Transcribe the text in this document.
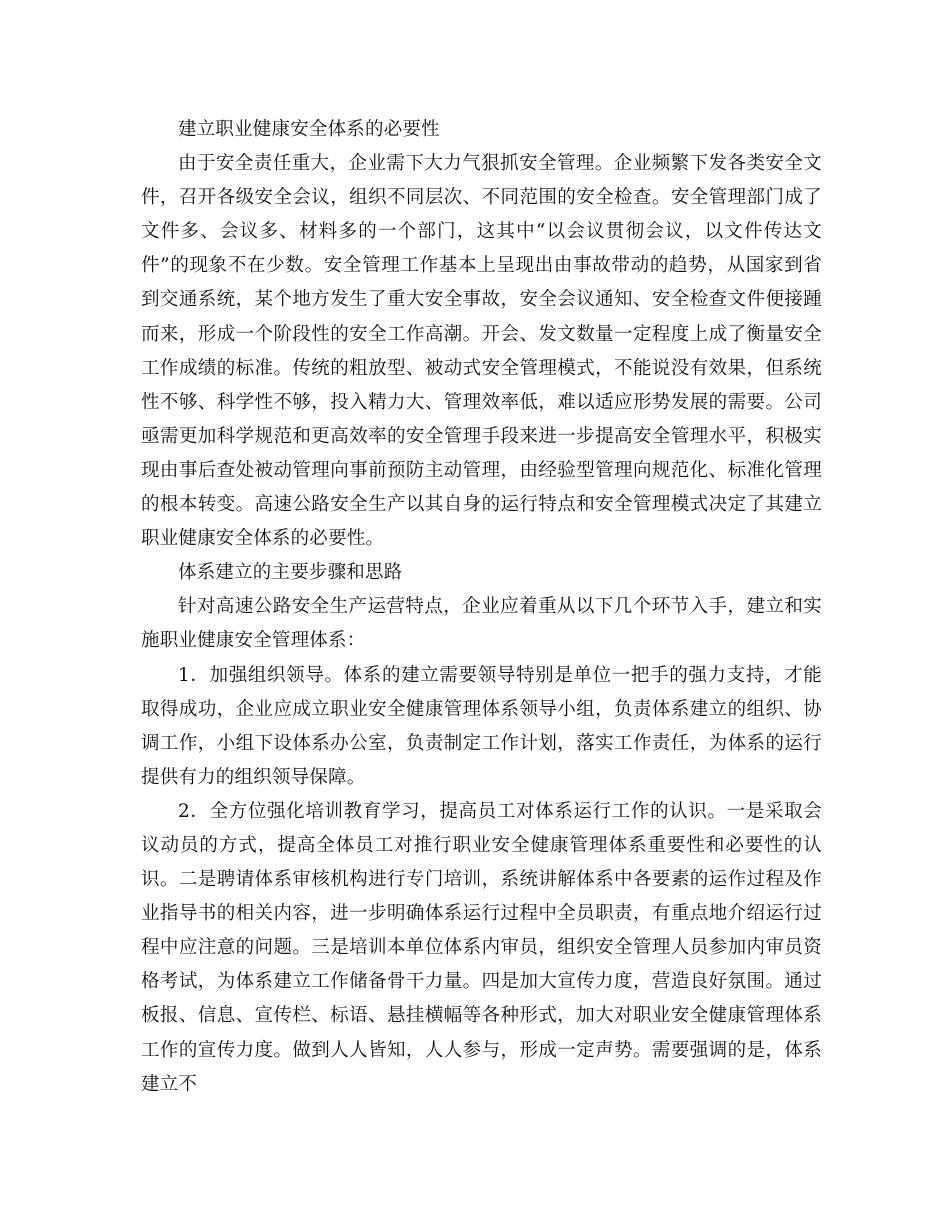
建立职业健康安全体系的必要性

由于安全责任重大，企业需下大力气狠抓安全管理。企业频繁下发各类安全文件，召开各级安全会议，组织不同层次、不同范围的安全检查。安全管理部门成了文件多、会议多、材料多的一个部门，这其中“以会议贯彻会议，以文件传达文件”的现象不在少数。安全管理工作基本上呈现出由事故带动的趋势，从国家到省到交通系统，某个地方发生了重大安全事故，安全会议通知、安全检查文件便接踵而来，形成一个阶段性的安全工作高潮。开会、发文数量一定程度上成了衡量安全工作成绩的标准。传统的粗放型、被动式安全管理模式，不能说没有效果，但系统性不够、科学性不够，投入精力大、管理效率低，难以适应形势发展的需要。公司亟需更加科学规范和更高效率的安全管理手段来进一步提高安全管理水平，积极实现由事后查处被动管理向事前预防主动管理，由经验型管理向规范化、标准化管理的根本转变。高速公路安全生产以其自身的运行特点和安全管理模式决定了其建立职业健康安全体系的必要性。

体系建立的主要步骤和思路

针对高速公路安全生产运营特点，企业应着重从以下几个环节入手，建立和实施职业健康安全管理体系：

1．加强组织领导。体系的建立需要领导特别是单位一把手的强力支持，才能取得成功，企业应成立职业安全健康管理体系领导小组，负责体系建立的组织、协调工作，小组下设体系办公室，负责制定工作计划，落实工作责任，为体系的运行提供有力的组织领导保障。

2．全方位强化培训教育学习，提高员工对体系运行工作的认识。一是采取会议动员的方式，提高全体员工对推行职业安全健康管理体系重要性和必要性的认识。二是聘请体系审核机构进行专门培训，系统讲解体系中各要素的运作过程及作业指导书的相关内容，进一步明确体系运行过程中全员职责，有重点地介绍运行过程中应注意的问题。三是培训本单位体系内审员，组织安全管理人员参加内审员资格考试，为体系建立工作储备骨干力量。四是加大宣传力度，营造良好氛围。通过板报、信息、宣传栏、标语、悬挂横幅等各种形式，加大对职业安全健康管理体系工作的宣传力度。做到人人皆知，人人参与，形成一定声势。需要强调的是，体系建立不
